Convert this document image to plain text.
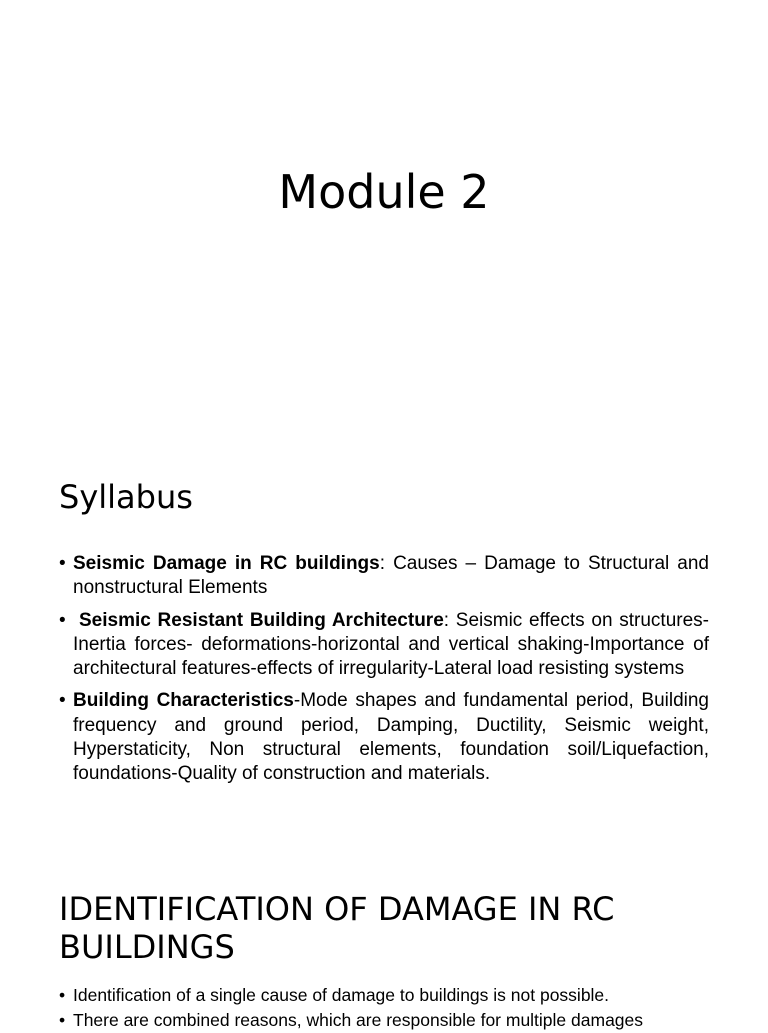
Module 2
Syllabus
• Seismic Damage in RC buildings: Causes – Damage to Structural and nonstructural Elements
• Seismic Resistant Building Architecture: Seismic effects on structures-Inertia forces- deformations-horizontal and vertical shaking-Importance of architectural features-effects of irregularity-Lateral load resisting systems
• Building Characteristics-Mode shapes and fundamental period, Building frequency and ground period, Damping, Ductility, Seismic weight, Hyperstaticity, Non structural elements, foundation soil/Liquefaction, foundations-Quality of construction and materials.
IDENTIFICATION OF DAMAGE IN RC BUILDINGS
• Identification of a single cause of damage to buildings is not possible.
• There are combined reasons, which are responsible for multiple damages
